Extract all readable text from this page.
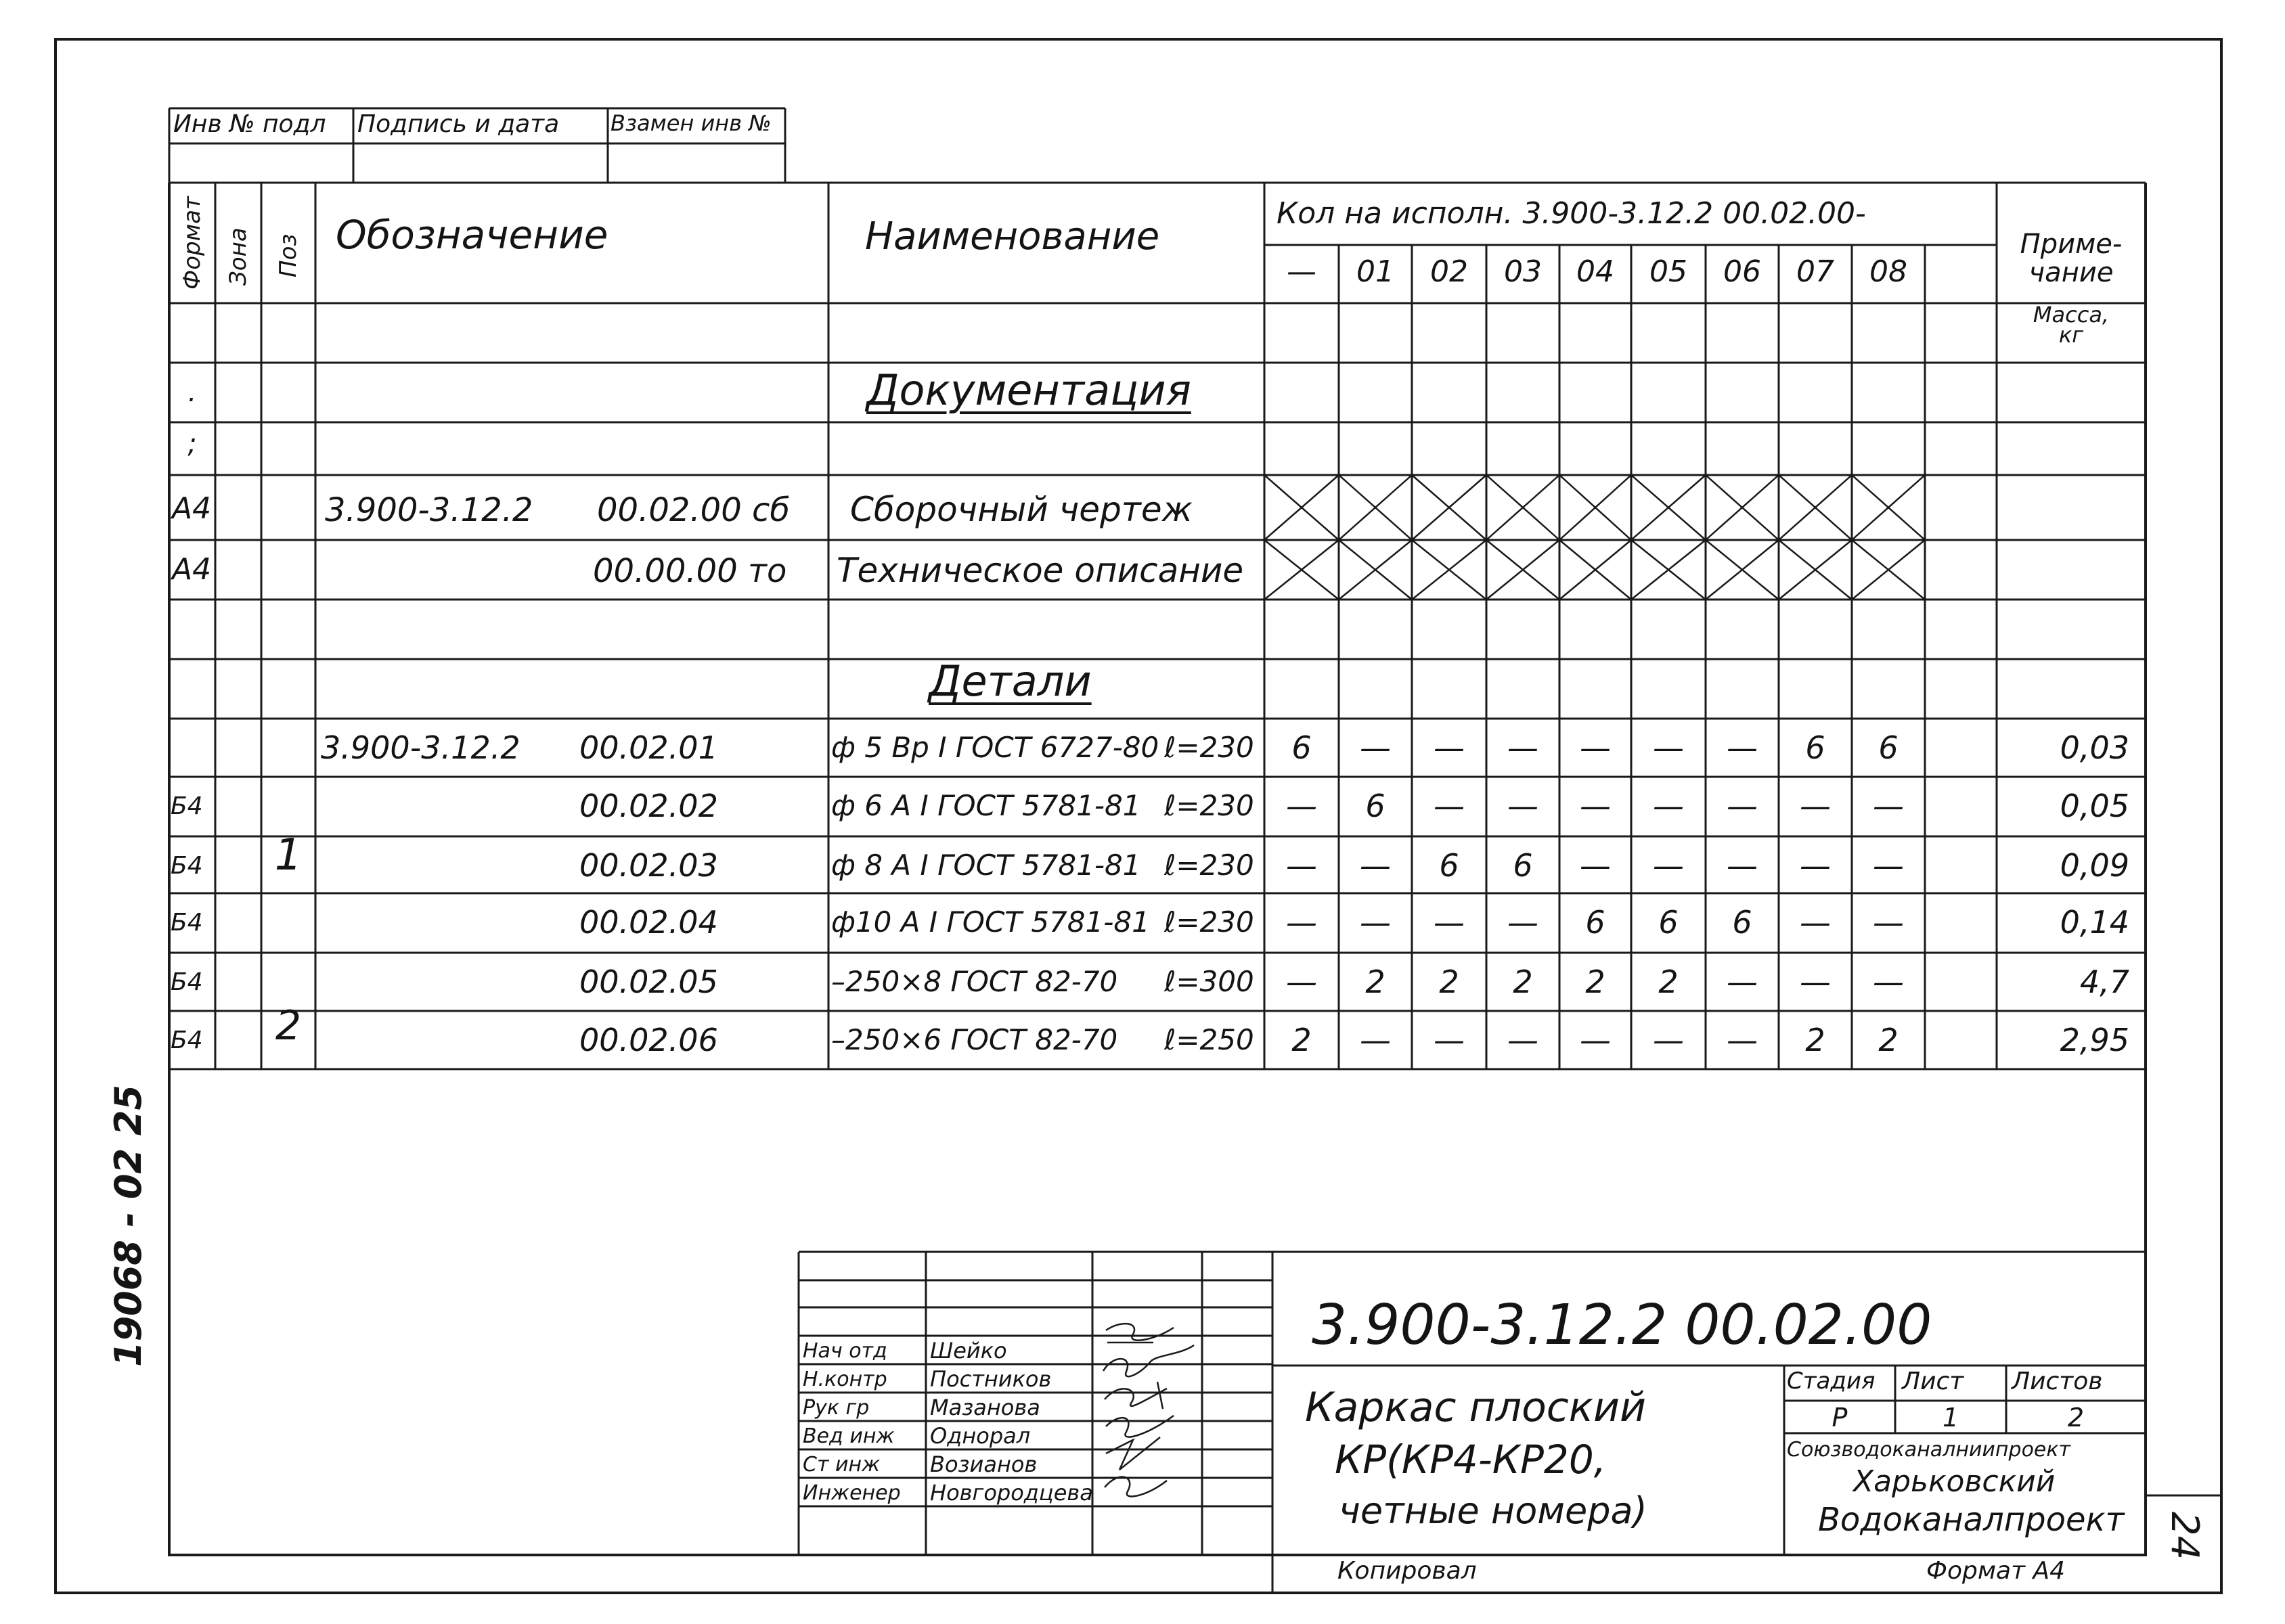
Инв № подл Подпись и дата Взамен инв №
Формат Зона Поз Обозначение	Наименование
Кол на исполн. 3.900-3.12.2 00.02.00-
—	01	02	03	04	05	06	07	08
Приме-
чание
Масса,
кг
.
;
Документация
Детали
А4	3.900-3.12.2 00.02.00 сб Сборочный чертеж
А4	00.00.00 то Техническое описание
1
2
3.900-3.12.2 00.02.01	ф 5 Вр I ГОСТ 6727-80 ℓ=230	6	—	—	—	—	—	—	6	6	0,03
Б4	00.02.02	ф 6 А I ГОСТ 5781-81 ℓ=230	—	6	—	—	—	—	—	—	—	0,05
Б4	00.02.03	ф 8 А I ГОСТ 5781-81 ℓ=230	—	—	6	6	—	—	—	—	—	0,09
Б4	00.02.04	ф10 А I ГОСТ 5781-81 ℓ=230	—	—	—	—	6	6	6	—	—	0,14
Б4	00.02.05	–250×8 ГОСТ 82-70 ℓ=300	—	2	2	2	2	2	—	—	—	4,7
Б4	00.02.06	–250×6 ГОСТ 82-70 ℓ=250	2	—	—	—	—	—	—	2	2	2,95
3.900-3.12.2 00.02.00
Каркас плоский
КР(КР4-КР20,
четные номера)
Стадия Лист Листов
Р	1	2
Союзводоканалниипроект
Харьковский
Водоканалпроект
Копировал	Формат А4
Нач отд Шейко
Н.контр Постников
Рук гр	Мазанова
Вед инж Однорал
Ст инж Возианов
Инженер Новгородцева
19068 - 02 25
24
